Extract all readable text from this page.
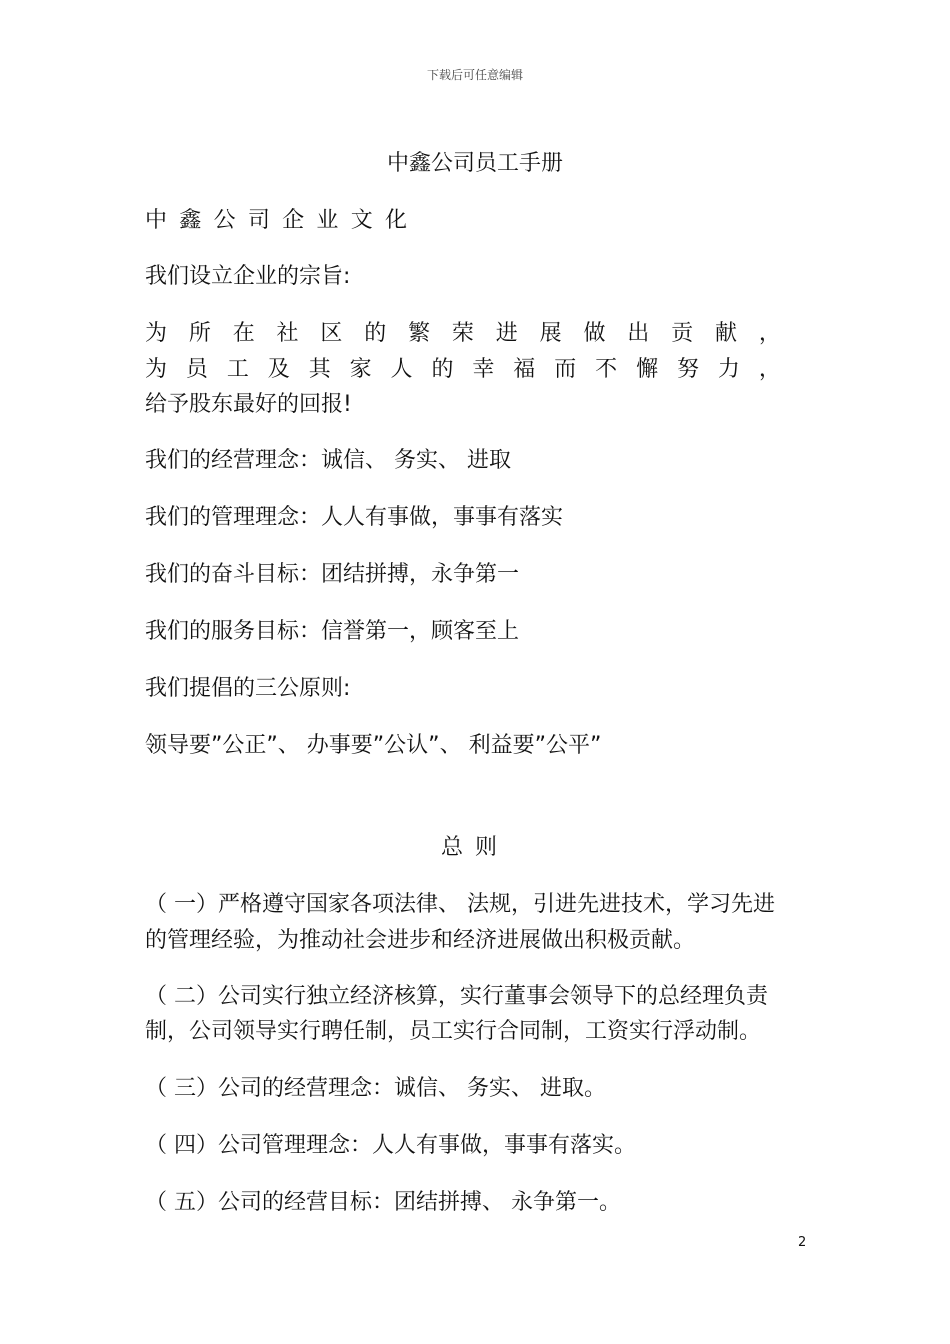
下载后可任意编辑
中鑫公司员工手册
中 鑫 公 司 企 业 文 化
我们设立企业的宗旨:
为 所 在 社 区 的 繁 荣 进 展 做 出 贡 献 ，
为 员 工 及 其 家 人 的 幸 福 而 不 懈 努 力 ，
给予股东最好的回报!
我们的经营理念：诚信、 务实、 进取
我们的管理理念：人人有事做，事事有落实
我们的奋斗目标：团结拼搏，永争第一
我们的服务目标：信誉第一，顾客至上
我们提倡的三公原则:
领导要”公正”、 办事要”公认”、 利益要”公平”
总则
（ 一）严格遵守国家各项法律、 法规，引进先进技术，学习先进
的管理经验，为推动社会进步和经济进展做出积极贡献。
（ 二）公司实行独立经济核算，实行董事会领导下的总经理负责
制，公司领导实行聘任制，员工实行合同制，工资实行浮动制。
（ 三）公司的经营理念：诚信、 务实、 进取。
（ 四）公司管理理念：人人有事做，事事有落实。
（ 五）公司的经营目标：团结拼搏、 永争第一。
2
